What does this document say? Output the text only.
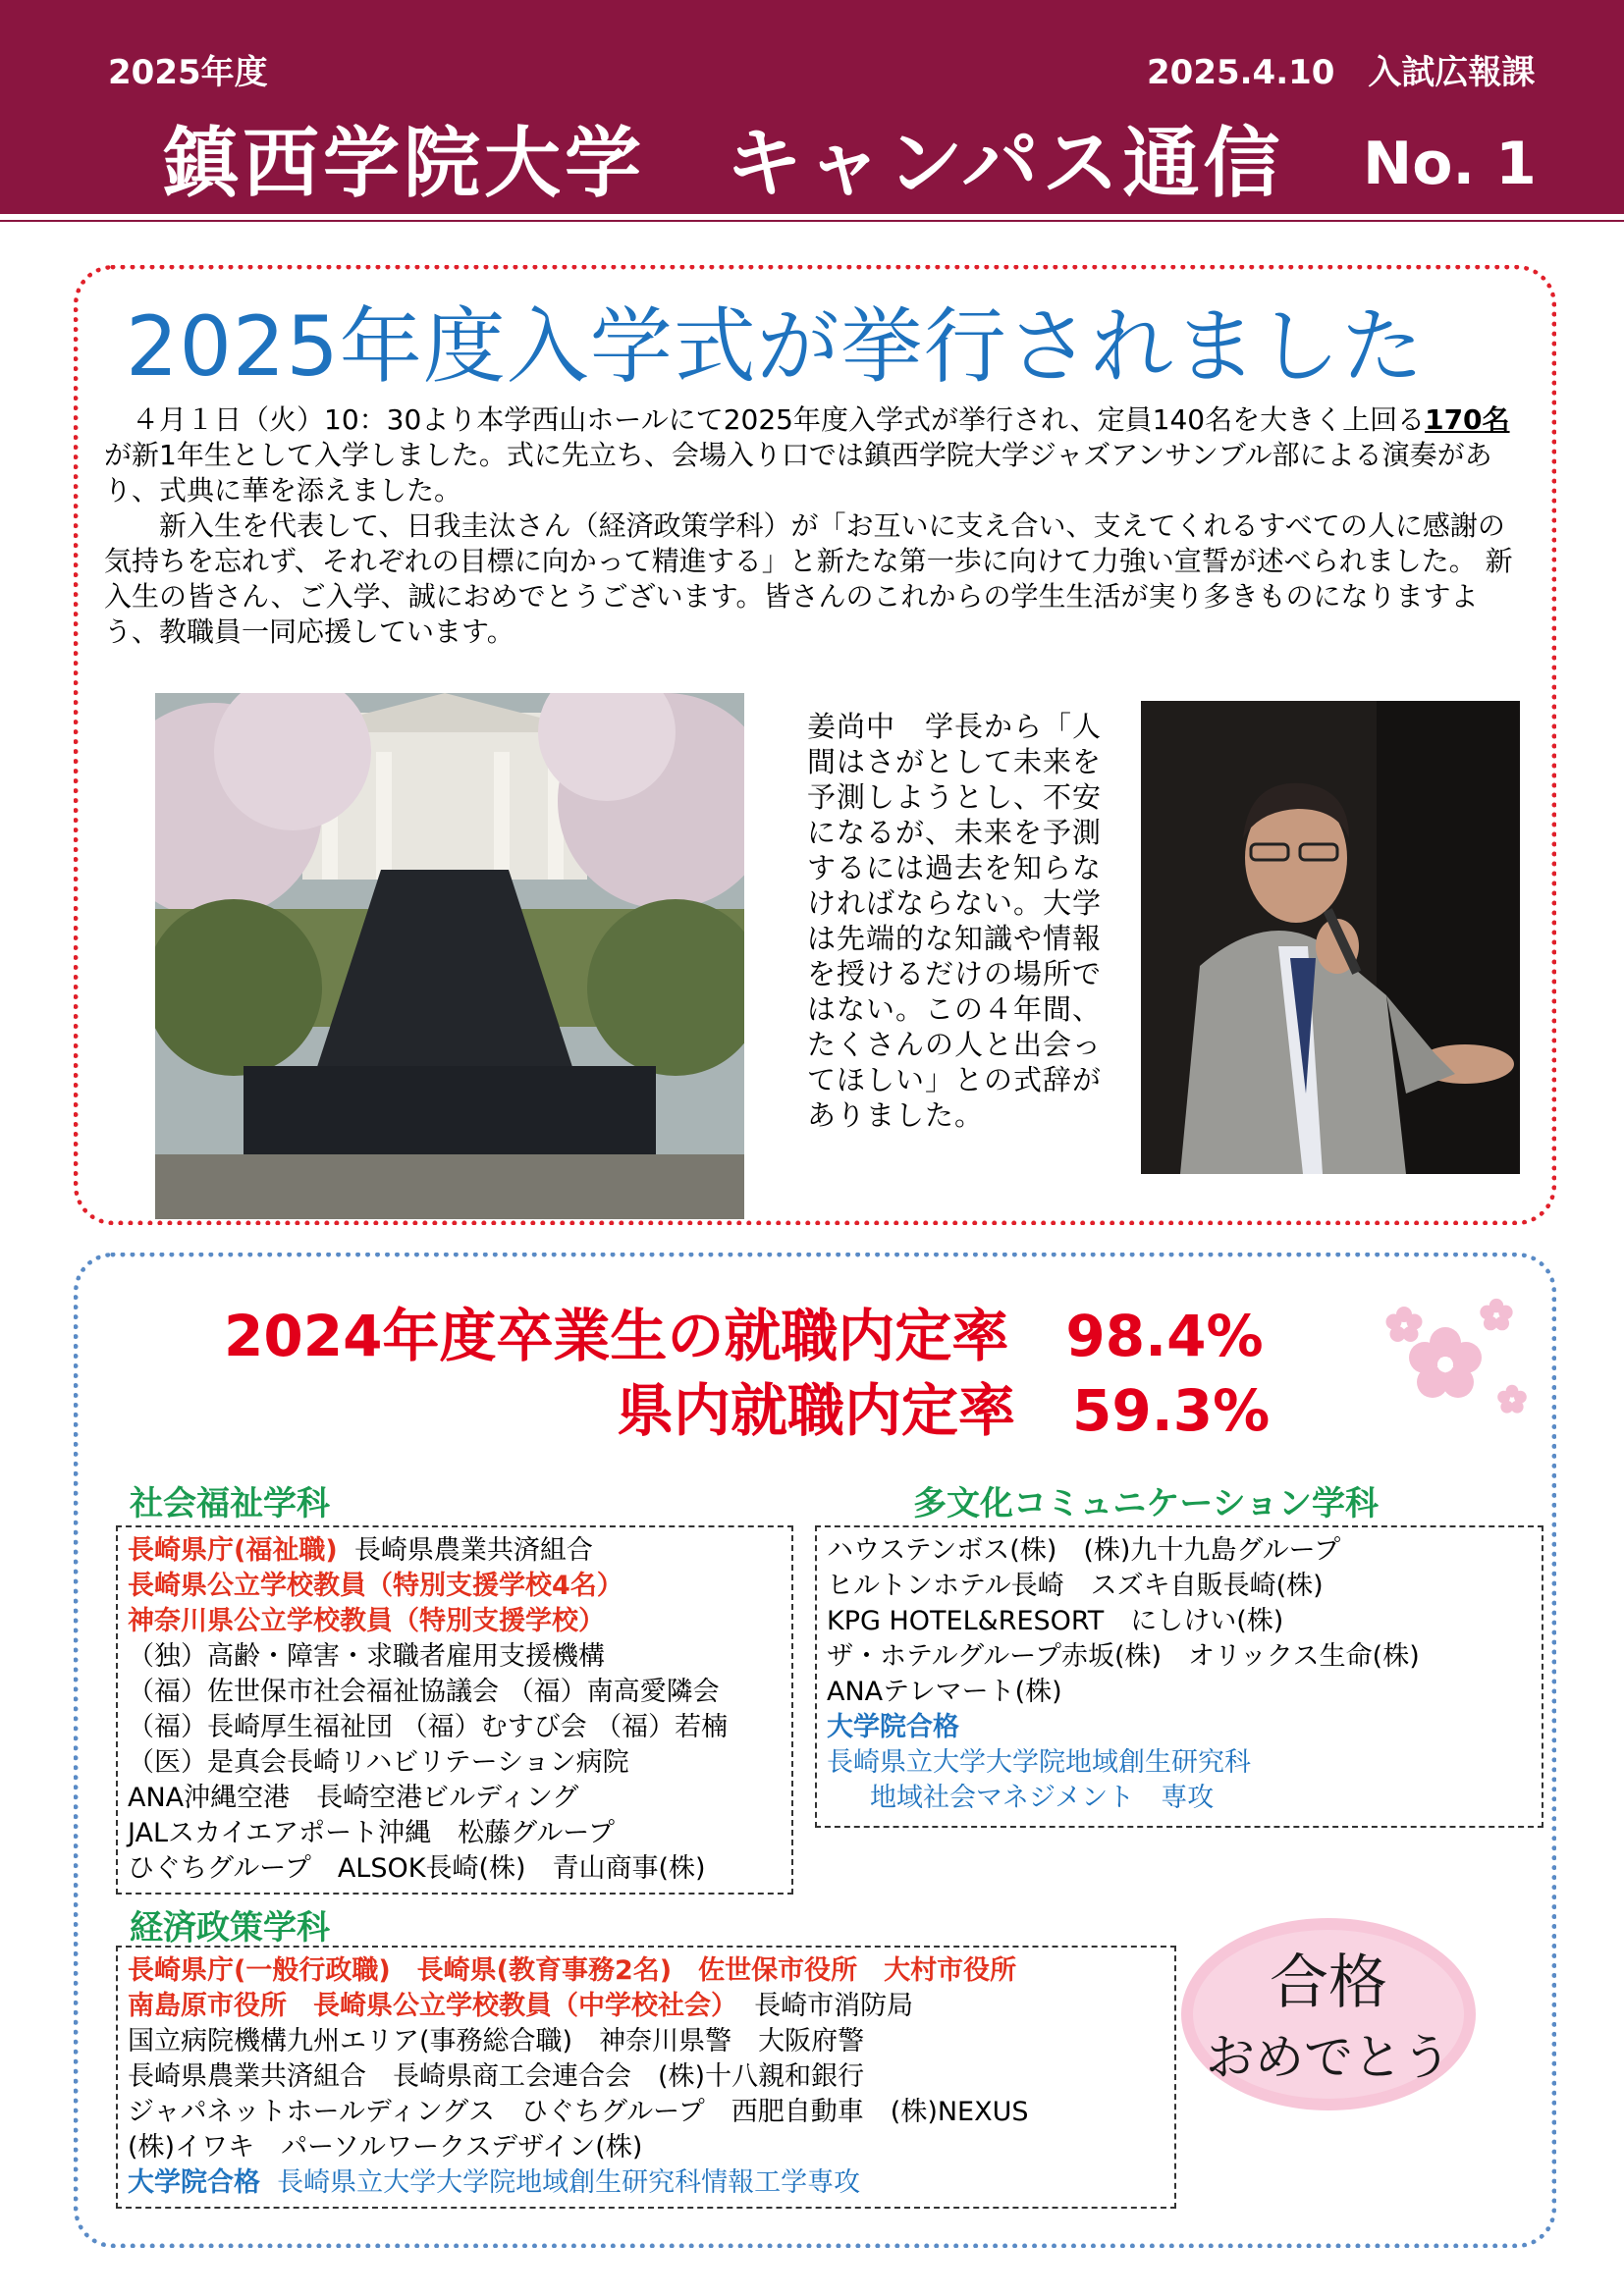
2025年度
鎮西学院大学　キャンパス通信
2025.4.10　入試広報課
No. 1
2025年度入学式が挙行されました

４月１日（火）10：30より本学西山ホールにて2025年度入学式が挙行され、定員140名を大きく上回る170名が新1年生として入学しました。式に先立ち、会場入り口では鎮西学院大学ジャズアンサンブル部による演奏があり、式典に華を添えました。

新入生を代表して、日我圭汰さん（経済政策学科）が「お互いに支え合い、支えてくれるすべての人に感謝の気持ちを忘れず、それぞれの目標に向かって精進する」と新たな第一歩に向けて力強い宣誓が述べられました。 新入生の皆さん、ご入学、誠におめでとうございます。皆さんのこれからの学生生活が実り多きものになりますよう、教職員一同応援しています。

姜尚中　学長から「人間はさがとして未来を予測しようとし、不安になるが、未来を予測するには過去を知らなければならない。大学は先端的な知識や情報を授けるだけの場所ではない。この４年間、たくさんの人と出会ってほしい」との式辞がありました。
2024年度卒業生の就職内定率　98.4%
県内就職内定率　59.3%
社会福祉学科	多文化コミュニケーション学科
経済政策学科
長崎県庁(福祉職) 長崎県農業共済組合
長崎県公立学校教員（特別支援学校4名）
神奈川県公立学校教員（特別支援学校）
（独）高齢・障害・求職者雇用支援機構
（福）佐世保市社会福祉協議会 （福）南高愛隣会
（福）長崎厚生福祉団 （福）むすび会 （福）若楠
（医）是真会長崎リハビリテーション病院
ANA沖縄空港　長崎空港ビルディング
JALスカイエアポート沖縄　松藤グループ
ひぐちグループ　ALSOK長崎(株)　青山商事(株)
ハウステンボス(株)　(株)九十九島グループ
ヒルトンホテル長崎　スズキ自販長崎(株)
KPG HOTEL&RESORT　にしけい(株)
ザ・ホテルグループ赤坂(株)　オリックス生命(株)
ANAテレマート(株)
大学院合格
長崎県立大学大学院地域創生研究科
地域社会マネジメント　専攻
長崎県庁(一般行政職)　長崎県(教育事務2名)　佐世保市役所　大村市役所
南島原市役所　長崎県公立学校教員（中学校社会） 長崎市消防局
国立病院機構九州エリア(事務総合職)　神奈川県警　大阪府警
長崎県農業共済組合　長崎県商工会連合会　(株)十八親和銀行
ジャパネットホールディングス　ひぐちグループ　西肥自動車　(株)NEXUS
(株)イワキ　パーソルワークスデザイン(株)
大学院合格 長崎県立大学大学院地域創生研究科情報工学専攻
合格
おめでとう
